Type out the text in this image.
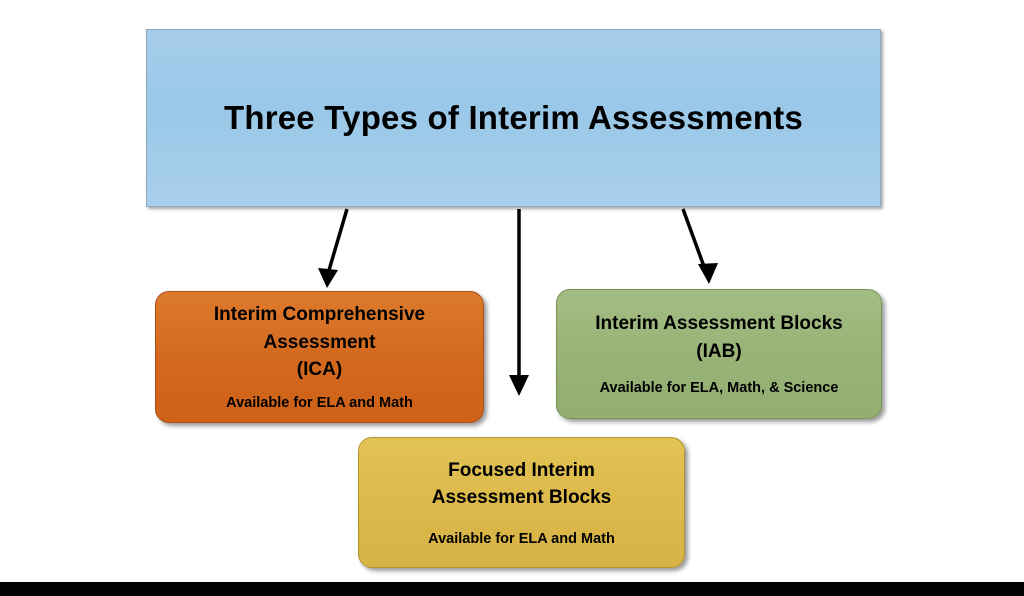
Three Types of Interim Assessments
Interim Comprehensive
Assessment
(ICA)
Available for ELA and Math
Interim Assessment Blocks
(IAB)
Available for ELA, Math, & Science
Focused Interim
Assessment Blocks
Available for ELA and Math
